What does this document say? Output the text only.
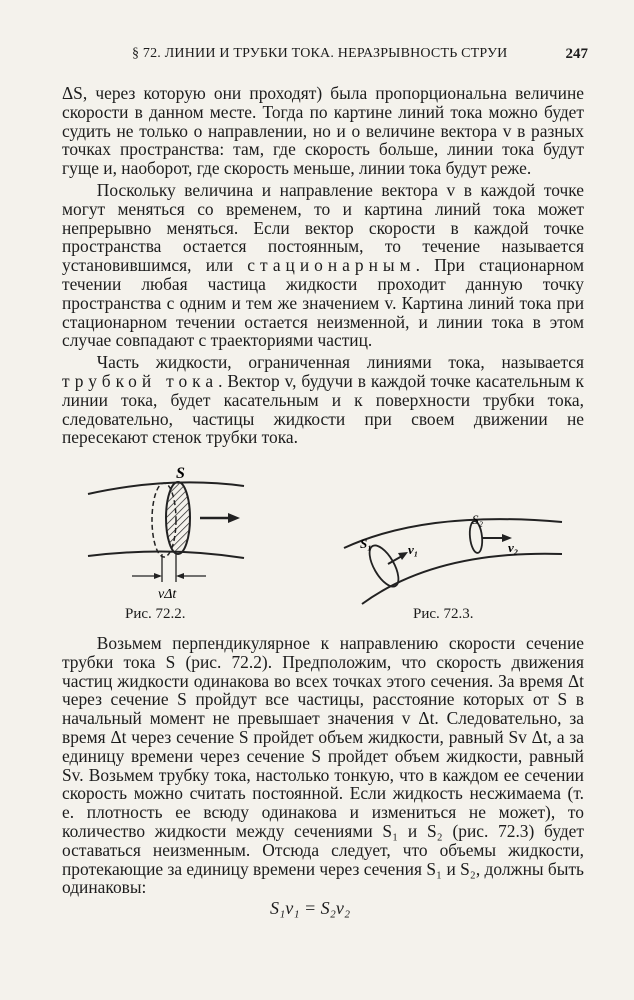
§ 72. ЛИНИИ И ТРУБКИ ТОКА. НЕРАЗРЫВНОСТЬ СТРУИ	247

ΔS, через которую они проходят) была пропорциональна величине скорости в данном месте. Тогда по картине линий тока можно будет судить не только о направлении, но и о величине вектора v в разных точках пространства: там, где скорость больше, линии тока будут гуще и, наоборот, где скорость меньше, линии тока будут реже.

Поскольку величина и направление вектора v в каждой точке могут меняться со временем, то и картина линий тока может непрерывно меняться. Если вектор скорости в каждой точке пространства остается постоянным, то течение называется установившимся, или стационарным. При стационарном течении любая частица жидкости проходит данную точку пространства с одним и тем же значением v. Картина линий тока при стационарном течении остается неизменной, и линии тока в этом случае совпадают с траекториями частиц.

Часть жидкости, ограниченная линиями тока, называется трубкой тока. Вектор v, будучи в каждой точке касательным к линии тока, будет касательным и к поверхности трубки тока, следовательно, частицы жидкости при своем движении не пересекают стенок трубки тока.

S
vΔt
Рис. 72.2.
S₁	v₁
S₂
v₂
Рис. 72.3.

Возьмем перпендикулярное к направлению скорости сечение трубки тока S (рис. 72.2). Предположим, что скорость движения частиц жидкости одинакова во всех точках этого сечения. За время Δt через сечение S пройдут все частицы, расстояние которых от S в начальный момент не превышает значения v Δt. Следовательно, за время Δt через сечение S пройдет объем жидкости, равный Sv Δt, а за единицу времени через сечение S пройдет объем жидкости, равный Sv. Возьмем трубку тока, настолько тонкую, что в каждом ее сечении скорость можно считать постоянной. Если жидкость несжимаема (т. е. плотность ее всюду одинакова и измениться не может), то количество жидкости между сечениями S₁ и S₂ (рис. 72.3) будет оставаться неизменным. Отсюда следует, что объемы жидкости, протекающие за единицу времени через сечения S₁ и S₂, должны быть одинаковы:

S₁v₁ = S₂v₂
